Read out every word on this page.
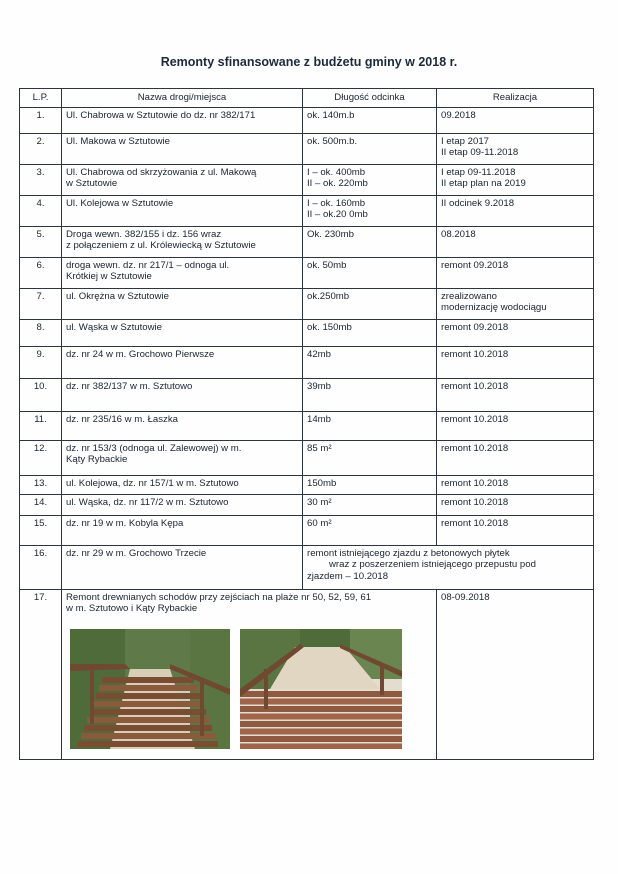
Remonty sfinansowane z budżetu gminy w 2018 r.
L.P.	Nazwa drogi/miejsca	Długość odcinka	Realizacja
1.	Ul. Chabrowa w Sztutowie do dz. nr 382/171	ok. 140m.b	09.2018

2.	Ul. Makowa w Sztutowie	ok. 500m.b.	I etap 2017
II etap 09-11.2018

3.	Ul. Chabrowa od skrzyżowania z ul. Makową
w Sztutowie	I – ok. 400mb
II – ok. 220mb	I etap 09-11.2018
II etap plan na 2019

4.	Ul. Kolejowa w Sztutowie	I – ok. 160mb
II – ok.20 0mb	II odcinek 9.2018

5.	Droga wewn. 382/155 i dz. 156 wraz
z połączeniem z ul. Królewiecką w Sztutowie	Ok. 230mb	08.2018

6.	droga wewn. dz. nr 217/1 – odnoga ul.
Krótkiej w Sztutowie	ok. 50mb	remont 09.2018

7.	ul. Okrężna w Sztutowie	ok.250mb	zrealizowano
modernizację wodociągu

8.	ul. Wąska w Sztutowie	ok. 150mb	remont 09.2018

9.	dz. nr 24 w m. Grochowo Pierwsze	42mb	remont 10.2018

10.	dz. nr 382/137 w m. Sztutowo	39mb	remont 10.2018

11.	dz. nr 235/16 w m. Łaszka	14mb	remont 10.2018

12.	dz. nr 153/3 (odnoga ul. Zalewowej) w m.
Kąty Rybackie	85 m²	remont 10.2018

13.	ul. Kolejowa, dz. nr 157/1 w m. Sztutowo	150mb	remont 10.2018

14.	ul. Wąska, dz. nr 117/2 w m. Sztutowo	30 m²	remont 10.2018

15.	dz. nr 19 w m. Kobyla Kępa	60 m²	remont 10.2018

16.	dz. nr 29 w m. Grochowo Trzecie	remont istniejącego zjazdu z betonowych płytek
wraz z poszerzeniem istniejącego przepustu pod
zjazdem – 10.2018	

17.	Remont drewnianych schodów przy zejściach na plaże nr 50, 52, 59, 61
w m. Sztutowo i Kąty Rybackie		08-09.2018
